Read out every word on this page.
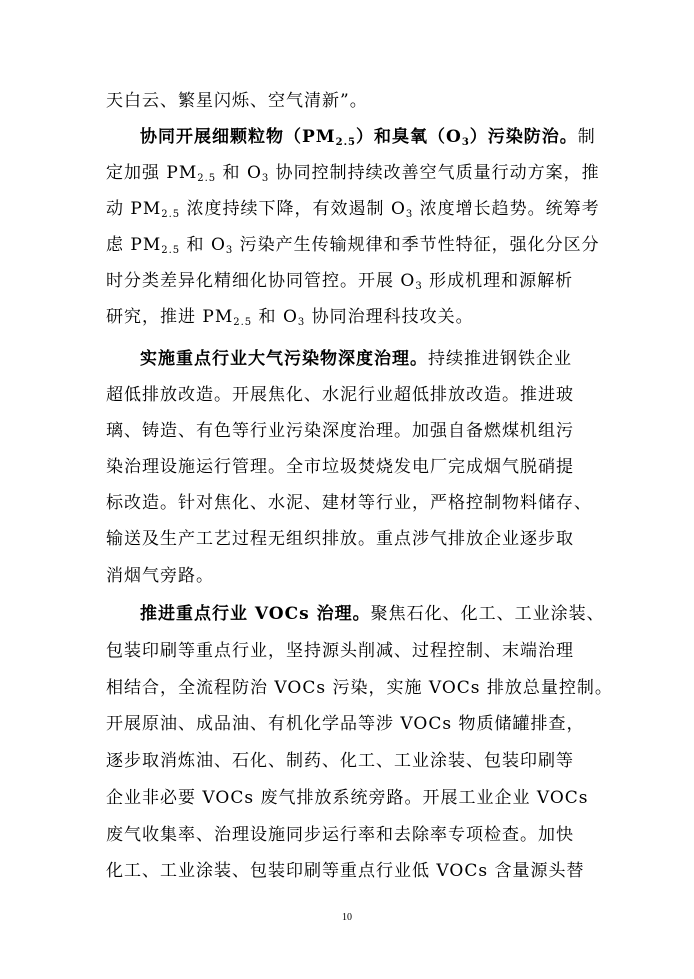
天白云、繁星闪烁、空气清新”。
协同开展细颗粒物$(PM_{2.5})$和臭氧$(O_3)$污染防治。制
定加强 $PM_{2.5}$ 和 $O_3$ 协同控制持续改善空气质量行动方案，推
动 $PM_{2.5}$ 浓度持续下降，有效遏制 $O_3$ 浓度增长趋势。统筹考
虑 $PM_{2.5}$ 和 $O_3$ 污染产生传输规律和季节性特征，强化分区分
时分类差异化精细化协同管控。开展 $O_3$ 形成机理和源解析
研究，推进 $PM_{2.5}$ 和 $O_3$ 协同治理科技攻关。
实施重点行业大气污染物深度治理。持续推进钢铁企业
超低排放改造。开展焦化、水泥行业超低排放改造。推进玻
璃、铸造、有色等行业污染深度治理。加强自备燃煤机组污
染治理设施运行管理。全市垃圾焚烧发电厂完成烟气脱硝提
标改造。针对焦化、水泥、建材等行业，严格控制物料储存、
输送及生产工艺过程无组织排放。重点涉气排放企业逐步取
消烟气旁路。
推进重点行业 VOCs 治理。聚焦石化、化工、工业涂装、
包装印刷等重点行业，坚持源头削减、过程控制、末端治理
相结合，全流程防治 VOCs 污染，实施 VOCs 排放总量控制。
开展原油、成品油、有机化学品等涉 VOCs 物质储罐排查，
逐步取消炼油、石化、制药、化工、工业涂装、包装印刷等
企业非必要 VOCs 废气排放系统旁路。开展工业企业 VOCs
废气收集率、治理设施同步运行率和去除率专项检查。加快
化工、工业涂装、包装印刷等重点行业低 VOCs 含量源头替
10
